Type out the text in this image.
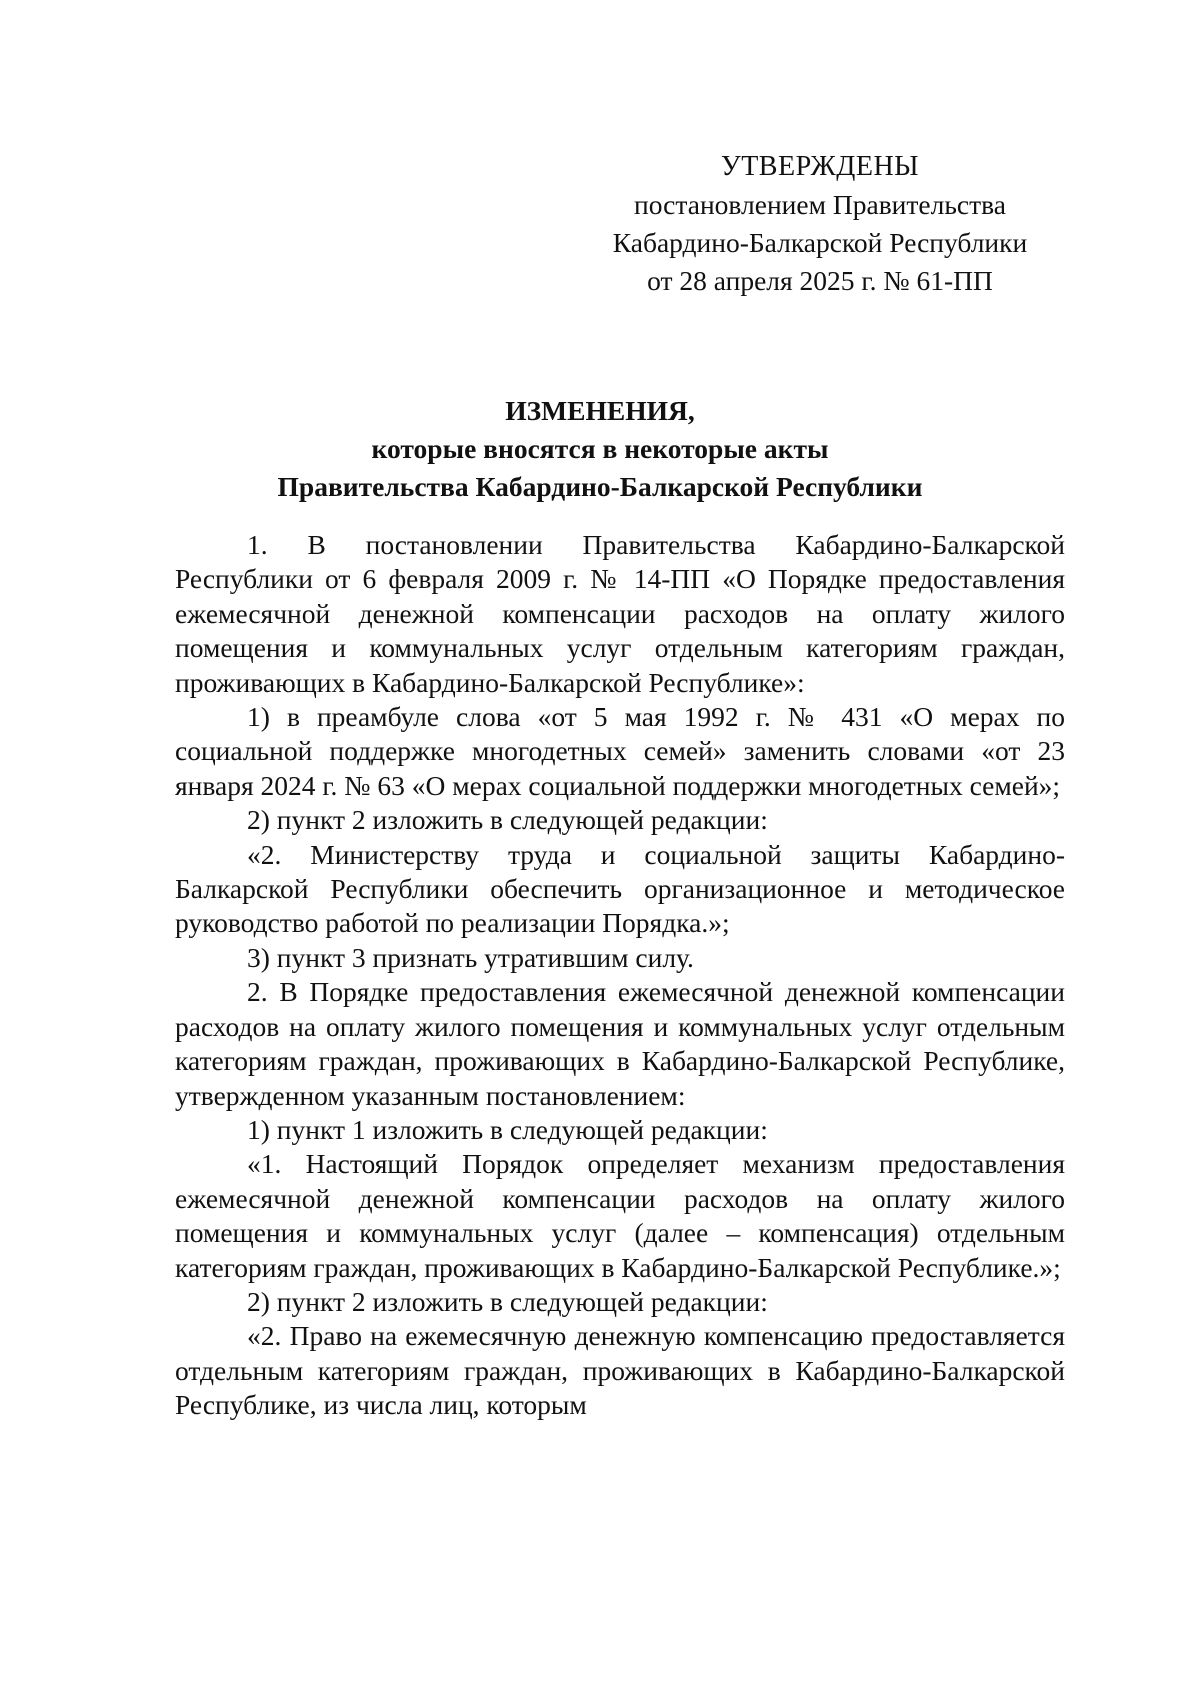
УТВЕРЖДЕНЫ
постановлением Правительства
Кабардино-Балкарской Республики
от 28 апреля 2025 г. № 61-ПП
ИЗМЕНЕНИЯ,
которые вносятся в некоторые акты
Правительства Кабардино-Балкарской Республики

1. В постановлении Правительства Кабардино-Балкарской Республики от 6 февраля 2009 г. № 14-ПП «О Порядке предоставления ежемесячной денежной компенсации расходов на оплату жилого помещения и коммунальных услуг отдельным категориям граждан, проживающих в Кабардино-Балкарской Республике»:

1) в преамбуле слова «от 5 мая 1992 г. № 431 «О мерах по социальной поддержке многодетных семей» заменить словами «от 23 января 2024 г. № 63 «О мерах социальной поддержки многодетных семей»;

2) пункт 2 изложить в следующей редакции:

«2. Министерству труда и социальной защиты Кабардино-Балкарской Республики обеспечить организационное и методическое руководство работой по реализации Порядка.»;

3) пункт 3 признать утратившим силу.

2. В Порядке предоставления ежемесячной денежной компенсации расходов на оплату жилого помещения и коммунальных услуг отдельным категориям граждан, проживающих в Кабардино-Балкарской Республике, утвержденном указанным постановлением:

1) пункт 1 изложить в следующей редакции:

«1. Настоящий Порядок определяет механизм предоставления ежемесячной денежной компенсации расходов на оплату жилого помещения и коммунальных услуг (далее – компенсация) отдельным категориям граждан, проживающих в Кабардино-Балкарской Республике.»;

2) пункт 2 изложить в следующей редакции:

«2. Право на ежемесячную денежную компенсацию предоставляется отдельным категориям граждан, проживающих в Кабардино-Балкарской Республике, из числа лиц, которым
